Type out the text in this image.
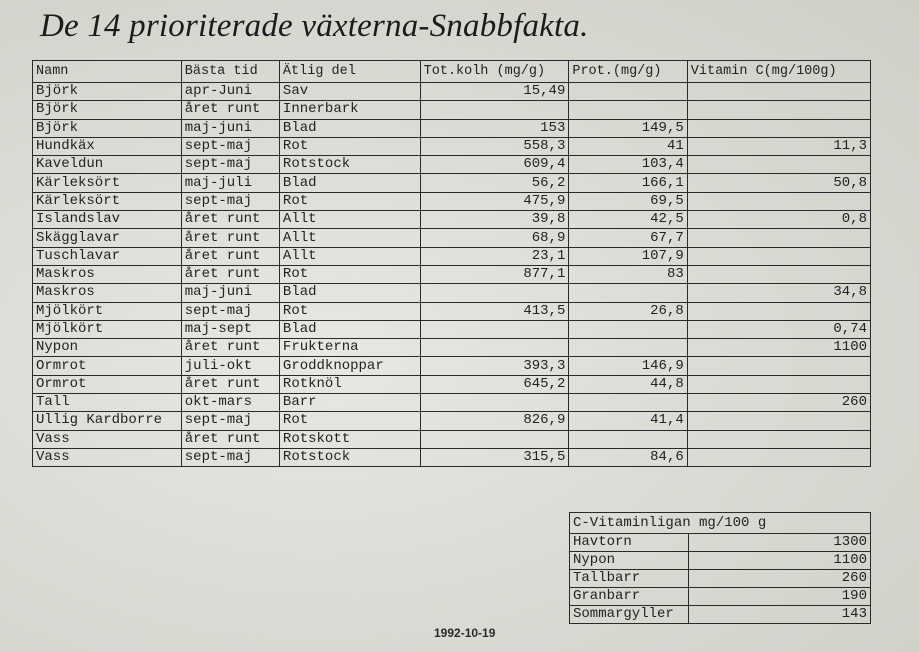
De 14 prioriterade växterna-Snabbfakta.
Namn	Bästa tid	Ätlig del	Tot.kolh (mg/g)	Prot.(mg/g)	Vitamin C(mg/100g)
Björk	apr-Juni	Sav	15,49		
Björk	året runt	Innerbark			
Björk	maj-juni	Blad	153	149,5	
Hundkäx	sept-maj	Rot	558,3	41	11,3
Kaveldun	sept-maj	Rotstock	609,4	103,4	
Kärleksört	maj-juli	Blad	56,2	166,1	50,8
Kärleksört	sept-maj	Rot	475,9	69,5	
Islandslav	året runt	Allt	39,8	42,5	0,8
Skägglavar	året runt	Allt	68,9	67,7	
Tuschlavar	året runt	Allt	23,1	107,9	
Maskros	året runt	Rot	877,1	83	
Maskros	maj-juni	Blad			34,8
Mjölkört	sept-maj	Rot	413,5	26,8	
Mjölkört	maj-sept	Blad			0,74
Nypon	året runt	Frukterna			1100
Ormrot	juli-okt	Groddknoppar	393,3	146,9	
Ormrot	året runt	Rotknöl	645,2	44,8	
Tall	okt-mars	Barr			260
Ullig Kardborre	sept-maj	Rot	826,9	41,4	
Vass	året runt	Rotskott			
Vass	sept-maj	Rotstock	315,5	84,6	
C-Vitaminligan mg/100 g	
Havtorn	1300
Nypon	1100
Tallbarr	260
Granbarr	190
Sommargyller	143
1992-10-19
